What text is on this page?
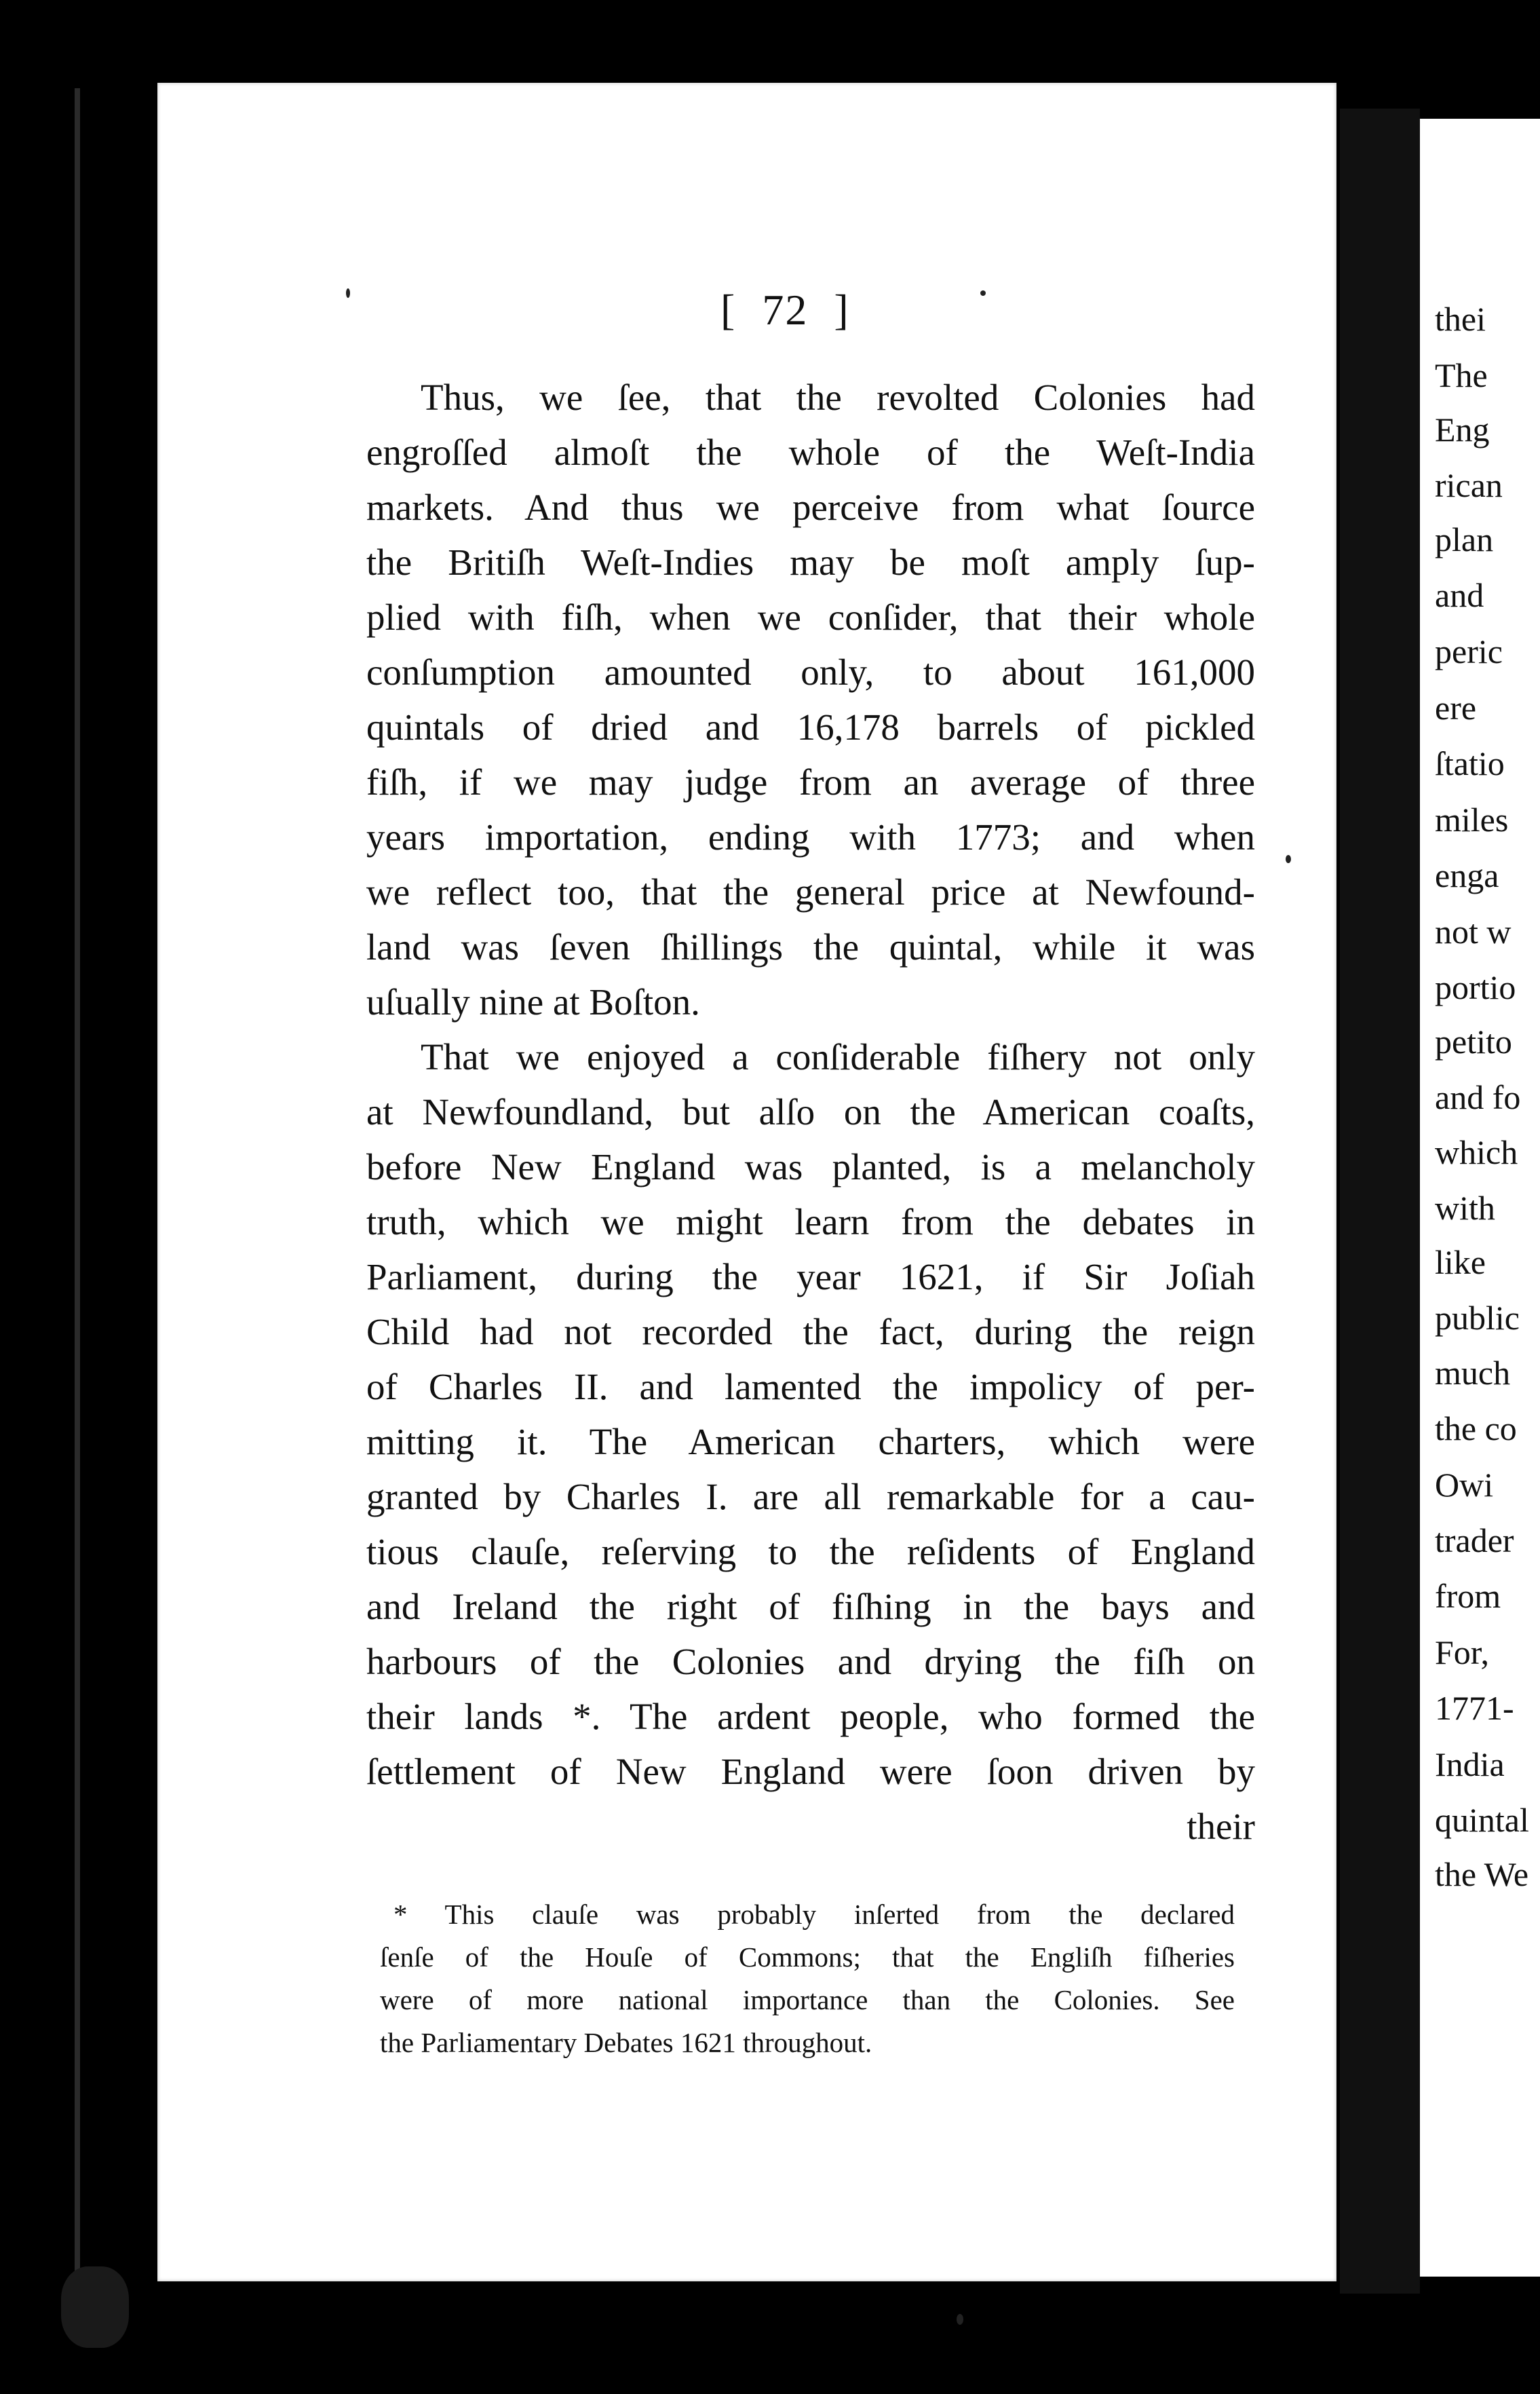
thei
The
Eng
rican
plan
and
peric
ere
ſtatio
miles
enga
not w
portio
petito
and fo
which
with
like
public
much
the co
Owi
trader
from
For,
1771-
India
quintal
the We
[ 72 ]
Thus, we ſee, that the revolted Colonies had
engroſſed almoſt the whole of the Weſt-India
markets. And thus we perceive from what ſource
the Britiſh Weſt-Indies may be moſt amply ſup-
plied with fiſh, when we conſider, that their whole
conſumption amounted only, to about 161,000
quintals of dried and 16,178 barrels of pickled
fiſh, if we may judge from an average of three
years importation, ending with 1773; and when
we reflect too, that the general price at Newfound-
land was ſeven ſhillings the quintal, while it was
uſually nine at Boſton.
That we enjoyed a conſiderable fiſhery not only
at Newfoundland, but alſo on the American coaſts,
before New England was planted, is a melancholy
truth, which we might learn from the debates in
Parliament, during the year 1621, if Sir Joſiah
Child had not recorded the fact, during the reign
of Charles II. and lamented the impolicy of per-
mitting it. The American charters, which were
granted by Charles I. are all remarkable for a cau-
tious clauſe, reſerving to the reſidents of England
and Ireland the right of fiſhing in the bays and
harbours of the Colonies and drying the fiſh on
their lands *. The ardent people, who formed the
ſettlement of New England were ſoon driven by
their
* This clauſe was probably inſerted from the declared
ſenſe of the Houſe of Commons; that the Engliſh fiſheries
were of more national importance than the Colonies. See
the Parliamentary Debates 1621 throughout.
